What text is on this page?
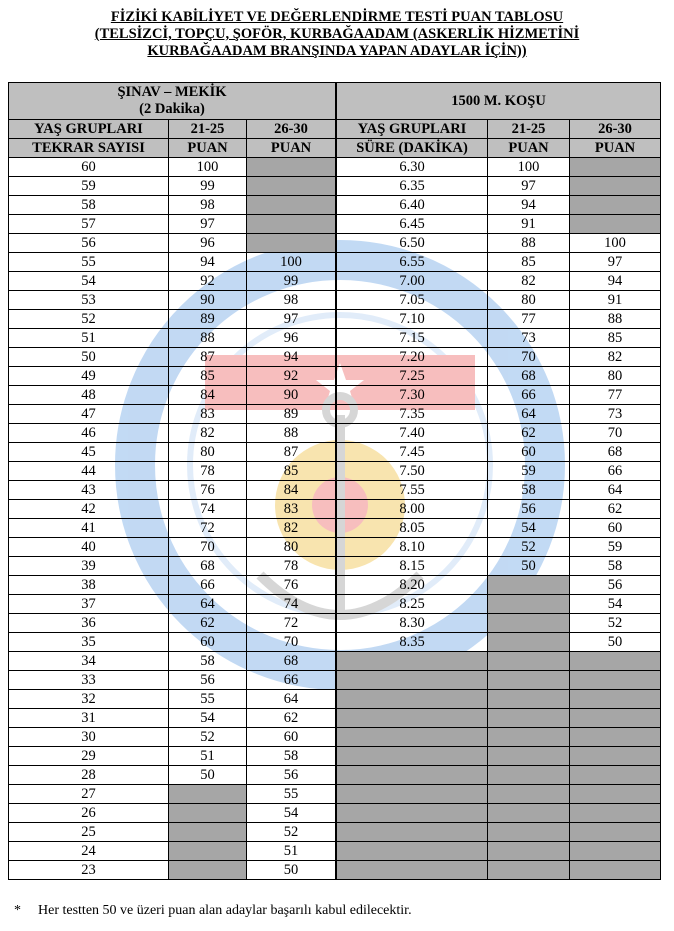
FİZİKİ KABİLİYET VE DEĞERLENDİRME TESTİ PUAN TABLOSU
(TELSİZCİ, TOPÇU, ŞOFÖR, KURBAĞAADAM (ASKERLİK HİZMETİNİ
KURBAĞAADAM BRANŞINDA YAPAN ADAYLAR İÇİN))
ŞINAV – MEKİK
(2 Dakika)			1500 M. KOŞU		
YAŞ GRUPLARI	21-25	26-30		YAŞ GRUPLARI	21-25	26-30
TEKRAR SAYISI	PUAN	PUAN		SÜRE (DAKİKA)	PUAN	PUAN
60	100			6.30	100	
59	99			6.35	97	
58	98			6.40	94	
57	97			6.45	91	
56	96			6.50	88	100
55	94	100		6.55	85	97
54	92	99		7.00	82	94
53	90	98		7.05	80	91
52	89	97		7.10	77	88
51	88	96		7.15	73	85
50	87	94		7.20	70	82
49	85	92		7.25	68	80
48	84	90		7.30	66	77
47	83	89		7.35	64	73
46	82	88		7.40	62	70
45	80	87		7.45	60	68
44	78	85		7.50	59	66
43	76	84		7.55	58	64
42	74	83		8.00	56	62
41	72	82		8.05	54	60
40	70	80		8.10	52	59
39	68	78		8.15	50	58
38	66	76		8.20		56
37	64	74		8.25		54
36	62	72		8.30		52
35	60	70		8.35		50
34	58	68				
33	56	66				
32	55	64				
31	54	62				
30	52	60				
29	51	58				
28	50	56				
27		55				
26		54				
25		52				
24		51				
23		50				
* Her testten 50 ve üzeri puan alan adaylar başarılı kabul edilecektir.
